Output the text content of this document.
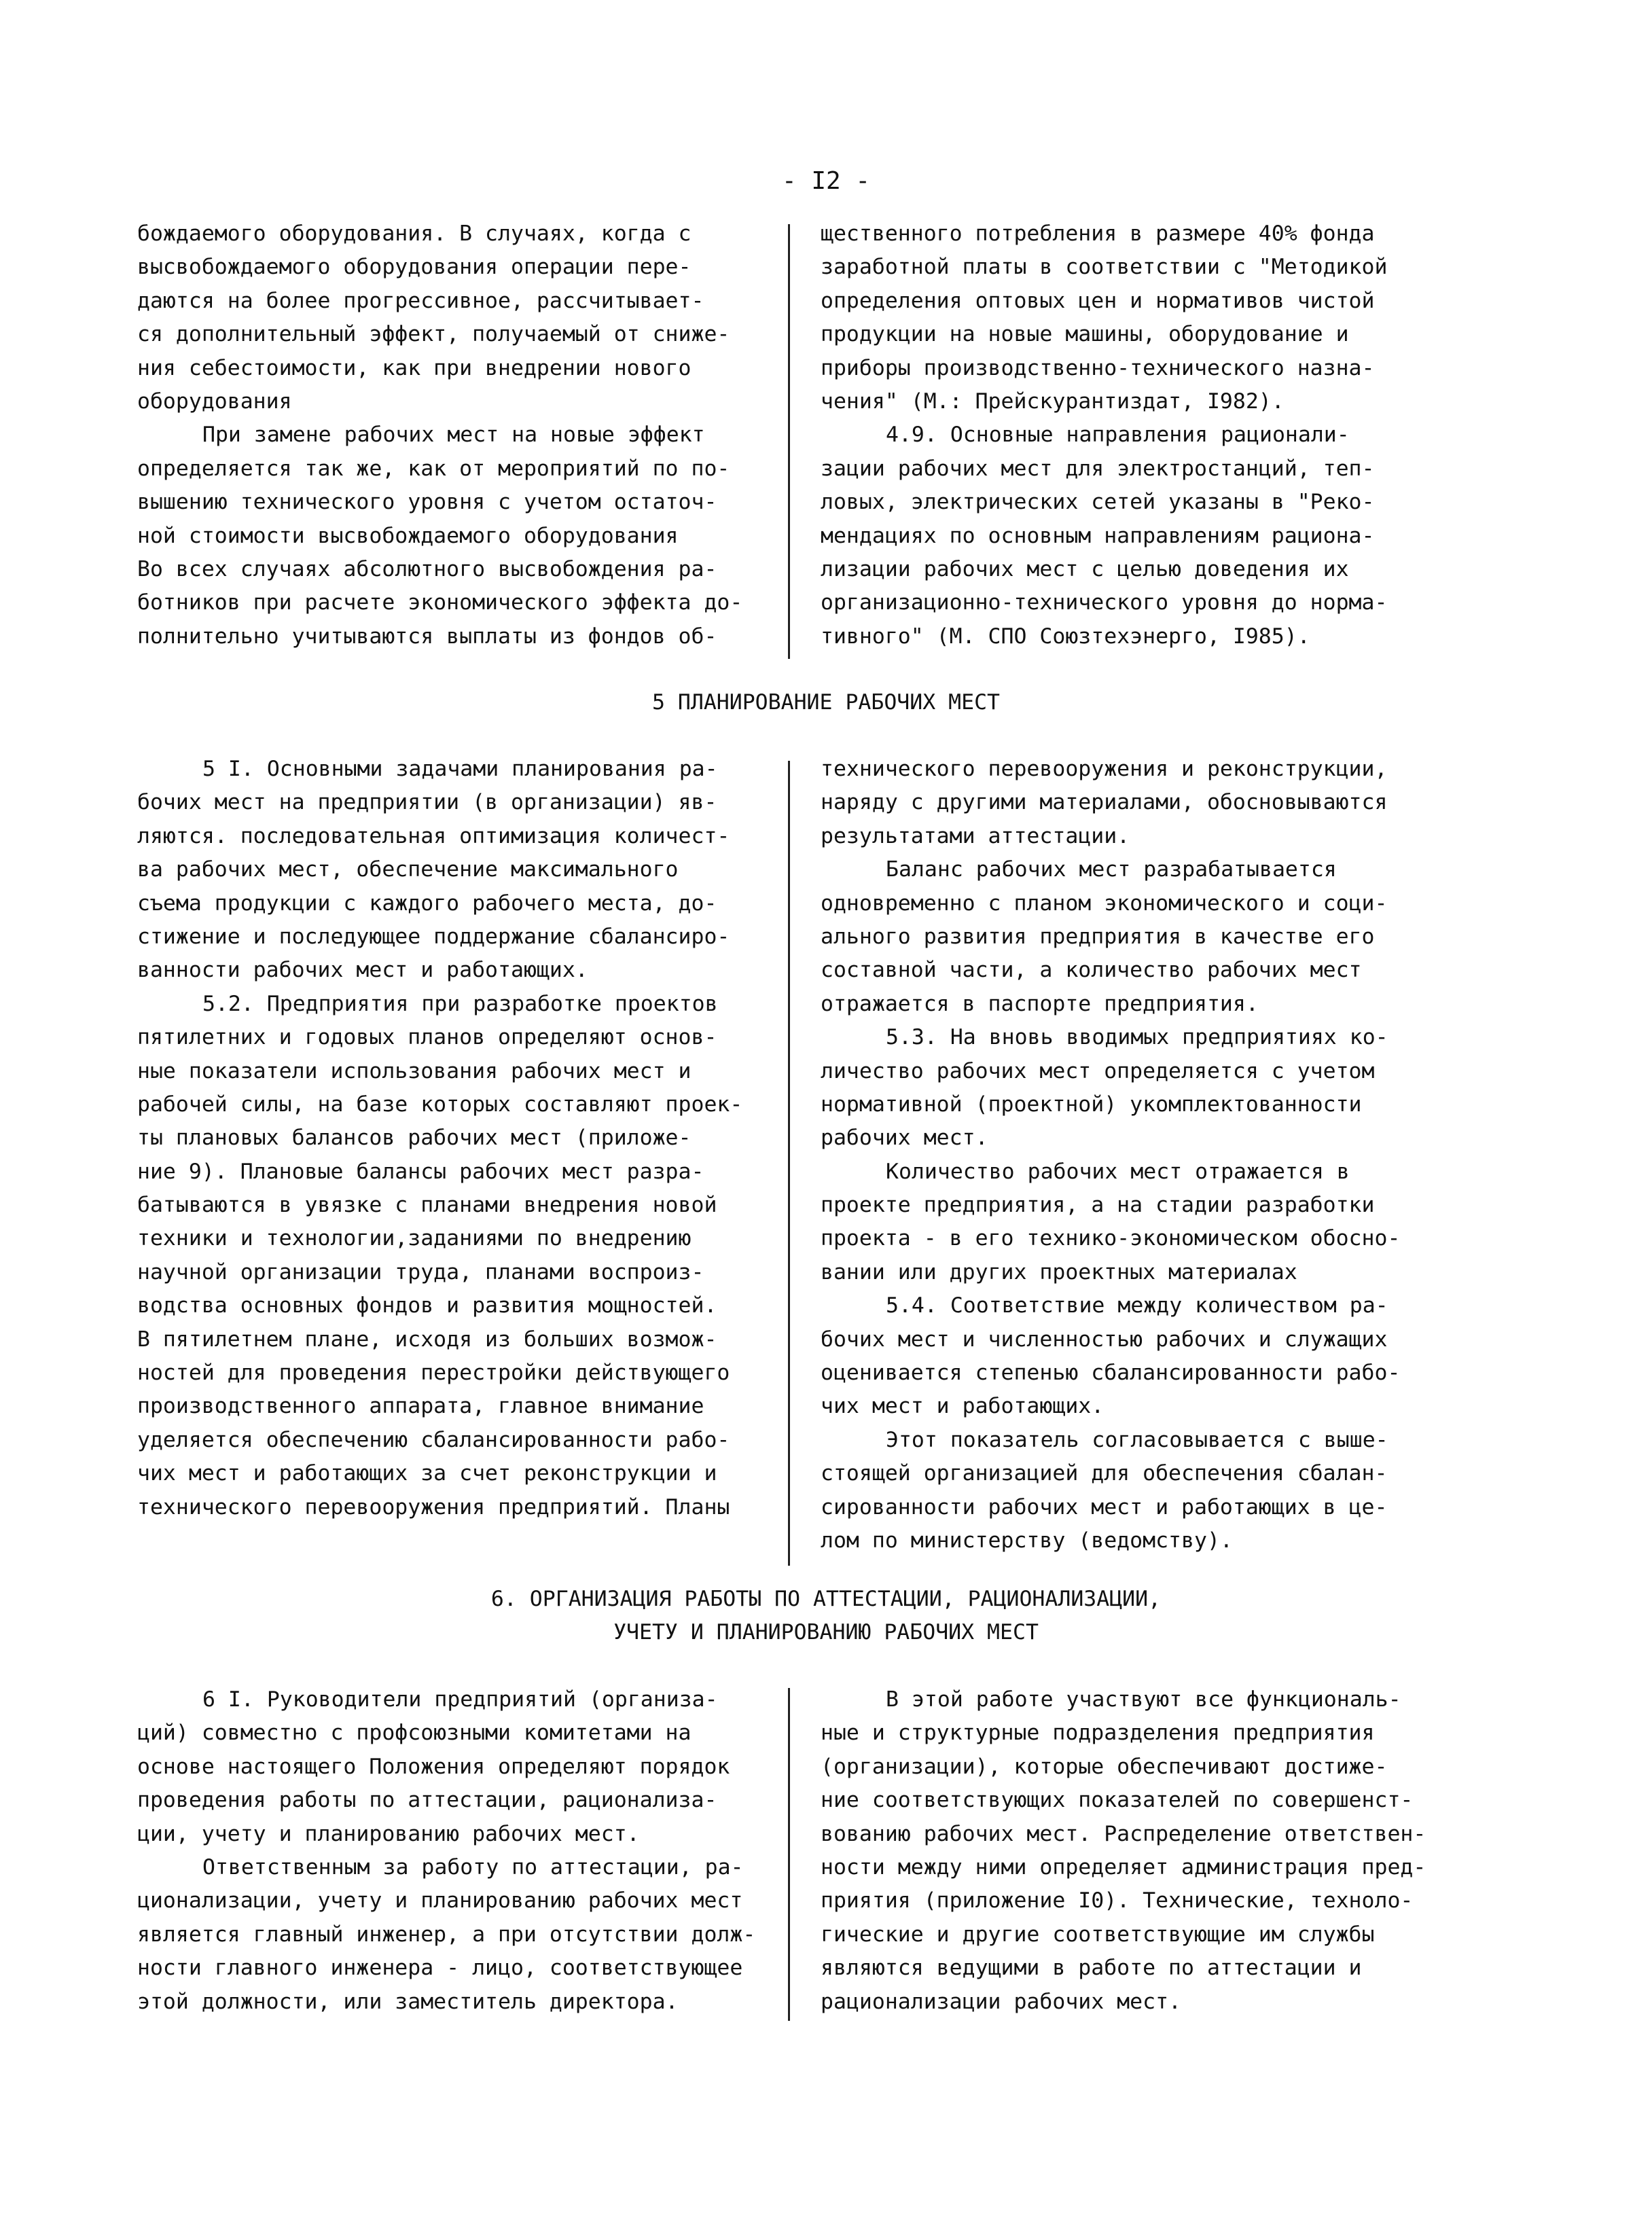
- I2 -
бождаемого оборудования. В случаях, когда с
высвобождаемого оборудования операции пере-
даются на более прогрессивное, рассчитывает-
ся дополнительный эффект, получаемый от сниже-
ния себестоимости, как при внедрении нового
оборудования
При замене рабочих мест на новые эффект
определяется так же, как от мероприятий по по-
вышению технического уровня с учетом остаточ-
ной стоимости высвобождаемого оборудования
Во всех случаях абсолютного высвобождения ра-
ботников при расчете экономического эффекта до-
полнительно учитываются выплаты из фондов об-
щественного потребления в размере 40% фонда
заработной платы в соответствии с "Методикой
определения оптовых цен и нормативов чистой
продукции на новые машины, оборудование и
приборы производственно-технического назна-
чения" (М.: Прейскурантиздат, I982).
4.9. Основные направления рационали-
зации рабочих мест для электростанций, теп-
ловых, электрических сетей указаны в "Реко-
мендациях по основным направлениям рациона-
лизации рабочих мест с целью доведения их
организационно-технического уровня до норма-
тивного" (М. СПО Союзтехэнерго, I985).
5 ПЛАНИРОВАНИЕ РАБОЧИХ МЕСТ
5 I. Основными задачами планирования ра-
бочих мест на предприятии (в организации) яв-
ляются. последовательная оптимизация количест-
ва рабочих мест, обеспечение максимального
съема продукции с каждого рабочего места, до-
стижение и последующее поддержание сбалансиро-
ванности рабочих мест и работающих.
5.2. Предприятия при разработке проектов
пятилетних и годовых планов определяют основ-
ные показатели использования рабочих мест и
рабочей силы, на базе которых составляют проек-
ты плановых балансов рабочих мест (приложе-
ние 9). Плановые балансы рабочих мест разра-
батываются в увязке с планами внедрения новой
техники и технологии,заданиями по внедрению
научной организации труда, планами воспроиз-
водства основных фондов и развития мощностей.
В пятилетнем плане, исходя из больших возмож-
ностей для проведения перестройки действующего
производственного аппарата, главное внимание
уделяется обеспечению сбалансированности рабо-
чих мест и работающих за счет реконструкции и
технического перевооружения предприятий. Планы
технического перевооружения и реконструкции,
наряду с другими материалами, обосновываются
результатами аттестации.
Баланс рабочих мест разрабатывается
одновременно с планом экономического и соци-
ального развития предприятия в качестве его
составной части, а количество рабочих мест
отражается в паспорте предприятия.
5.3. На вновь вводимых предприятиях ко-
личество рабочих мест определяется с учетом
нормативной (проектной) укомплектованности
рабочих мест.
Количество рабочих мест отражается в
проекте предприятия, а на стадии разработки
проекта - в его технико-экономическом обосно-
вании или других проектных материалах
5.4. Соответствие между количеством ра-
бочих мест и численностью рабочих и служащих
оценивается степенью сбалансированности рабо-
чих мест и работающих.
Этот показатель согласовывается с выше-
стоящей организацией для обеспечения сбалан-
сированности рабочих мест и работающих в це-
лом по министерству (ведомству).
6. ОРГАНИЗАЦИЯ РАБОТЫ ПО АТТЕСТАЦИИ, РАЦИОНАЛИЗАЦИИ,
УЧЕТУ И ПЛАНИРОВАНИЮ РАБОЧИХ МЕСТ
6 I. Руководители предприятий (организа-
ций) совместно с профсоюзными комитетами на
основе настоящего Положения определяют порядок
проведения работы по аттестации, рационализа-
ции, учету и планированию рабочих мест.
Ответственным за работу по аттестации, ра-
ционализации, учету и планированию рабочих мест
является главный инженер, а при отсутствии долж-
ности главного инженера - лицо, соответствующее
этой должности, или заместитель директора.
В этой работе участвуют все функциональ-
ные и структурные подразделения предприятия
(организации), которые обеспечивают достиже-
ние соответствующих показателей по совершенст-
вованию рабочих мест. Распределение ответствен-
ности между ними определяет администрация пред-
приятия (приложение I0). Технические, техноло-
гические и другие соответствующие им службы
являются ведущими в работе по аттестации и
рационализации рабочих мест.
